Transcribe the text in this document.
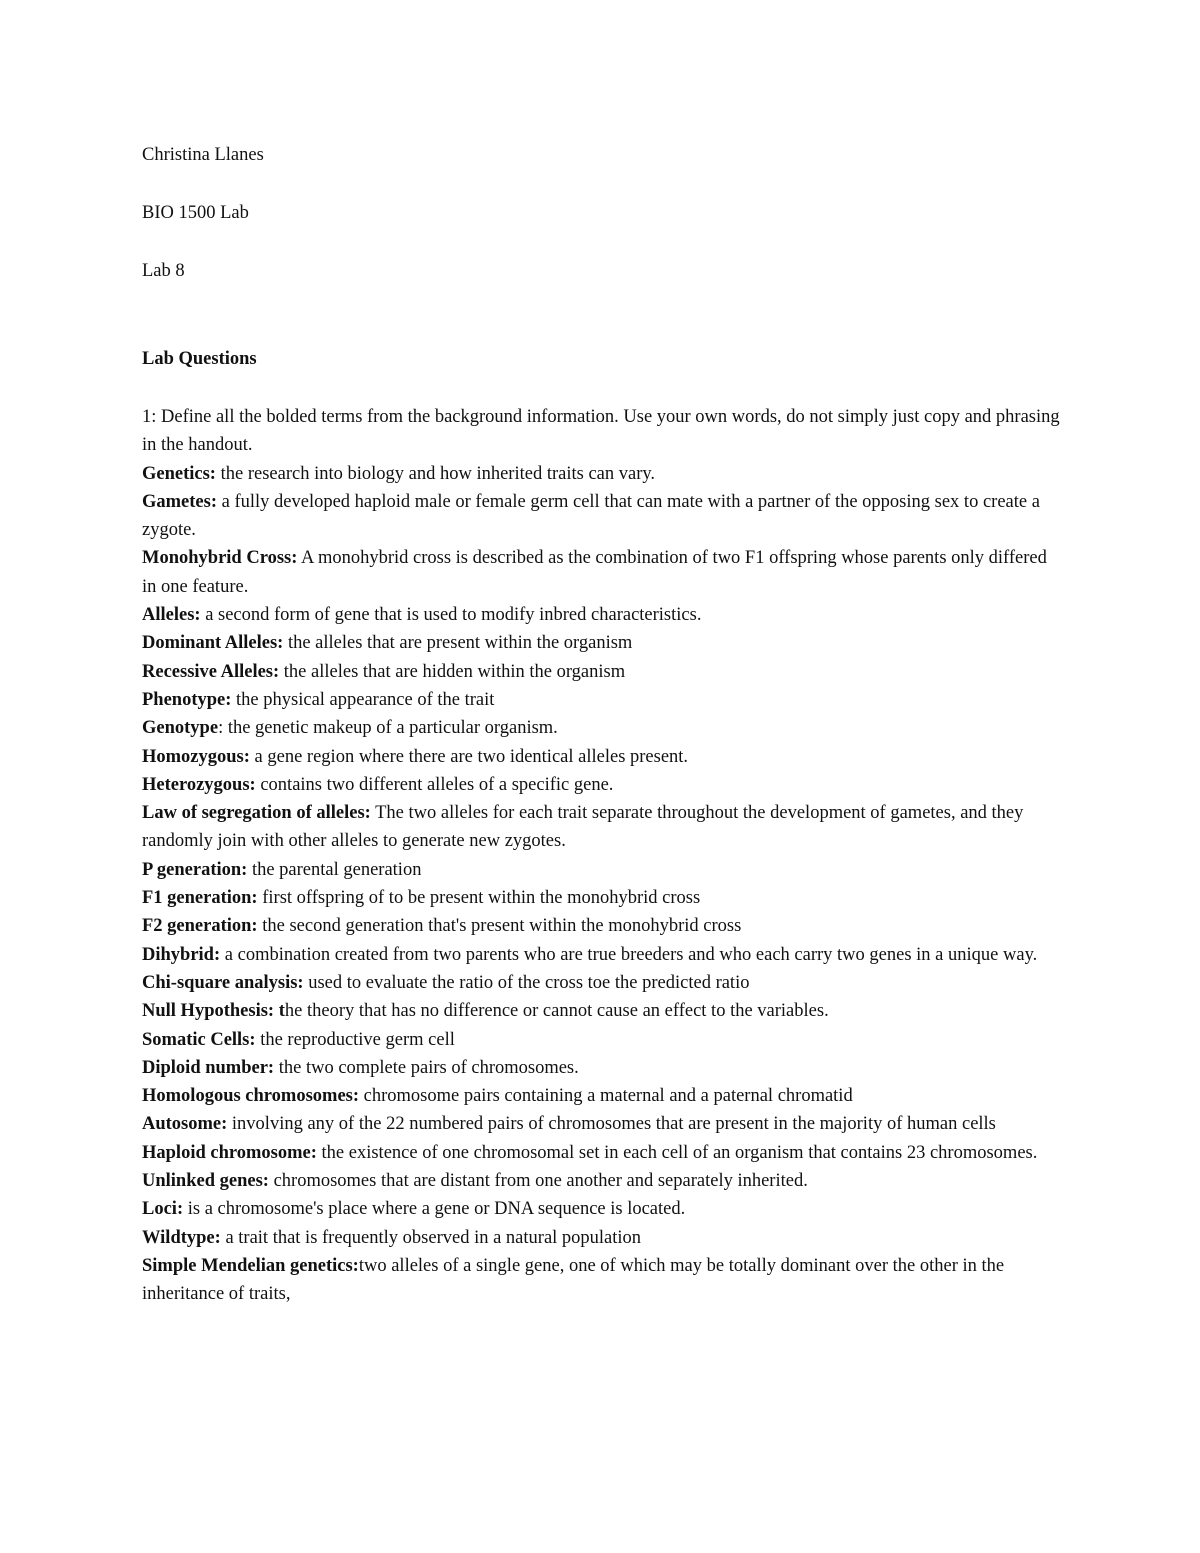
Christina Llanes

BIO 1500 Lab

Lab 8

Lab Questions

1: Define all the bolded terms from the background information. Use your own words, do not simply just copy and phrasing in the handout.

Genetics: the research into biology and how inherited traits can vary.

Gametes: a fully developed haploid male or female germ cell that can mate with a partner of the opposing sex to create a zygote.

Monohybrid Cross: A monohybrid cross is described as the combination of two F1 offspring whose parents only differed in one feature.

Alleles: a second form of gene that is used to modify inbred characteristics.

Dominant Alleles: the alleles that are present within the organism

Recessive Alleles: the alleles that are hidden within the organism

Phenotype: the physical appearance of the trait

Genotype: the genetic makeup of a particular organism.

Homozygous: a gene region where there are two identical alleles present.

Heterozygous: contains two different alleles of a specific gene.

Law of segregation of alleles: The two alleles for each trait separate throughout the development of gametes, and they randomly join with other alleles to generate new zygotes.

P generation: the parental generation

F1 generation: first offspring of to be present within the monohybrid cross

F2 generation: the second generation that's present within the monohybrid cross

Dihybrid: a combination created from two parents who are true breeders and who each carry two genes in a unique way.

Chi-square analysis: used to evaluate the ratio of the cross toe the predicted ratio

Null Hypothesis: the theory that has no difference or cannot cause an effect to the variables.

Somatic Cells: the reproductive germ cell

Diploid number: the two complete pairs of chromosomes.

Homologous chromosomes: chromosome pairs containing a maternal and a paternal chromatid

Autosome: involving any of the 22 numbered pairs of chromosomes that are present in the majority of human cells

Haploid chromosome: the existence of one chromosomal set in each cell of an organism that contains 23 chromosomes.

Unlinked genes: chromosomes that are distant from one another and separately inherited.

Loci: is a chromosome's place where a gene or DNA sequence is located.

Wildtype: a trait that is frequently observed in a natural population

Simple Mendelian genetics:two alleles of a single gene, one of which may be totally dominant over the other in the inheritance of traits,
